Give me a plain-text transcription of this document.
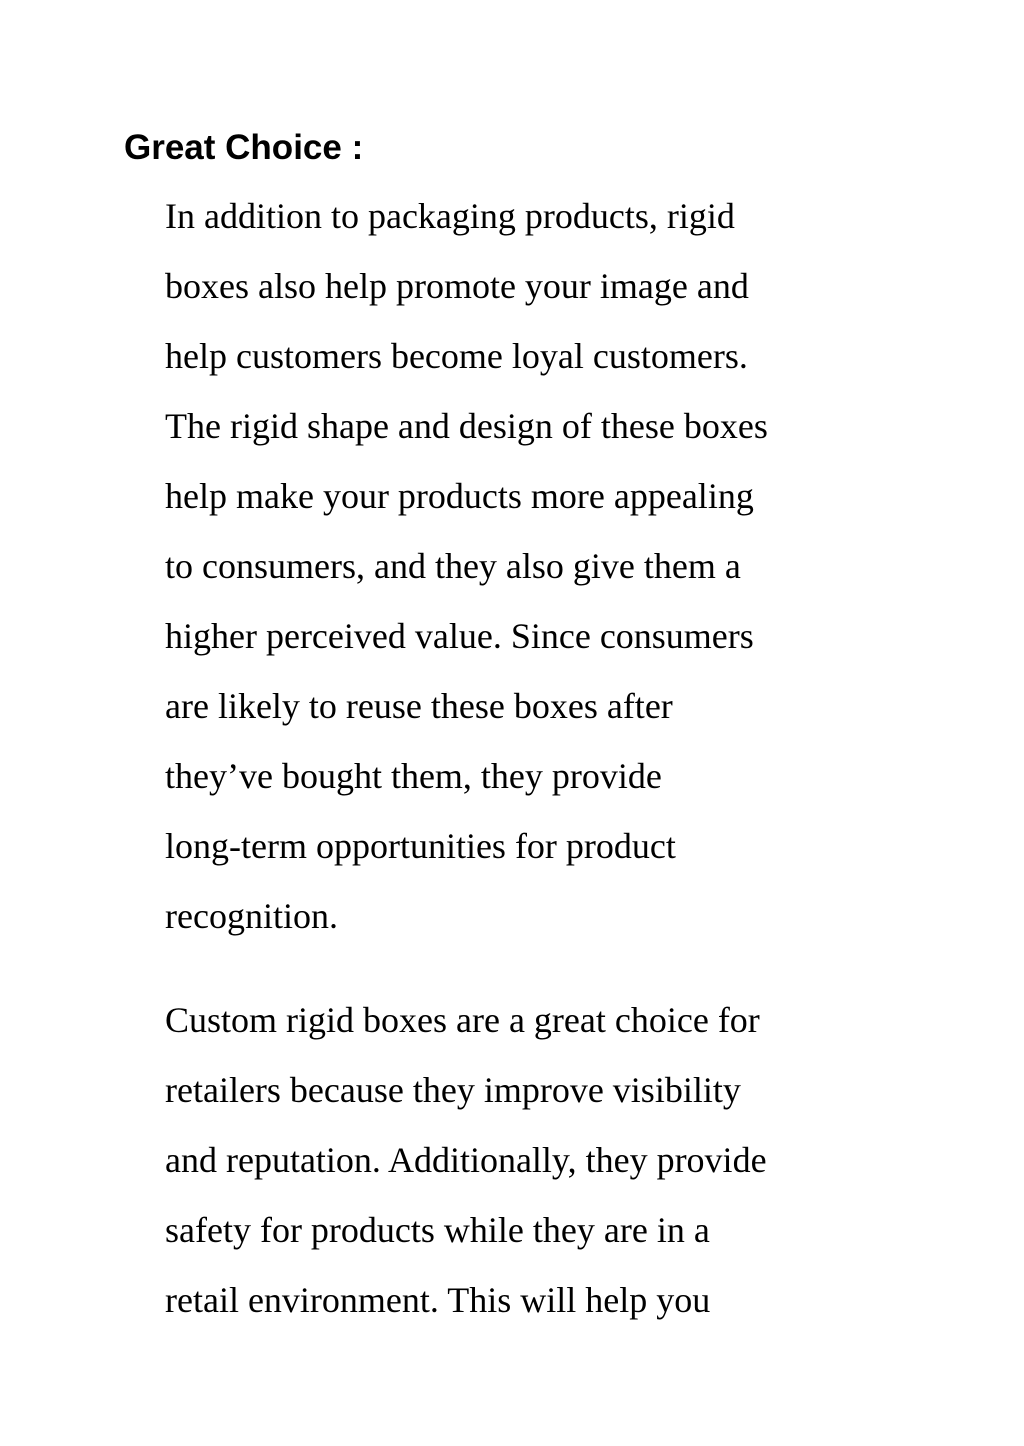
Great Choice :

In addition to packaging products, rigid
boxes also help promote your image and
help customers become loyal customers.
The rigid shape and design of these boxes
help make your products more appealing
to consumers, and they also give them a
higher perceived value. Since consumers
are likely to reuse these boxes after
they’ve bought them, they provide
long-term opportunities for product
recognition.

Custom rigid boxes are a great choice for
retailers because they improve visibility
and reputation. Additionally, they provide
safety for products while they are in a
retail environment. This will help you
